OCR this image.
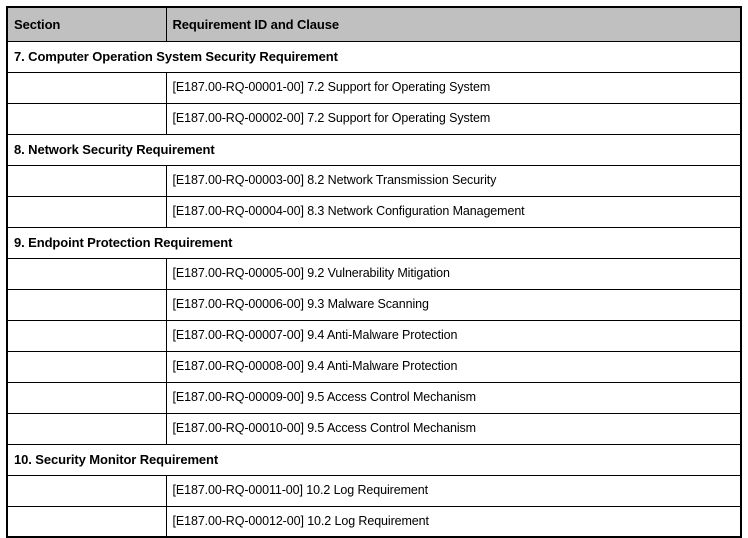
Section	Requirement ID and Clause
7. Computer Operation System Security Requirement	
	[E187.00-RQ-00001-00] 7.2 Support for Operating System
	[E187.00-RQ-00002-00] 7.2 Support for Operating System
8. Network Security Requirement	
	[E187.00-RQ-00003-00] 8.2 Network Transmission Security
	[E187.00-RQ-00004-00] 8.3 Network Configuration Management
9. Endpoint Protection Requirement	
	[E187.00-RQ-00005-00] 9.2 Vulnerability Mitigation
	[E187.00-RQ-00006-00] 9.3 Malware Scanning
	[E187.00-RQ-00007-00] 9.4 Anti-Malware Protection
	[E187.00-RQ-00008-00] 9.4 Anti-Malware Protection
	[E187.00-RQ-00009-00] 9.5 Access Control Mechanism
	[E187.00-RQ-00010-00] 9.5 Access Control Mechanism
10. Security Monitor Requirement	
	[E187.00-RQ-00011-00] 10.2 Log Requirement
	[E187.00-RQ-00012-00] 10.2 Log Requirement
